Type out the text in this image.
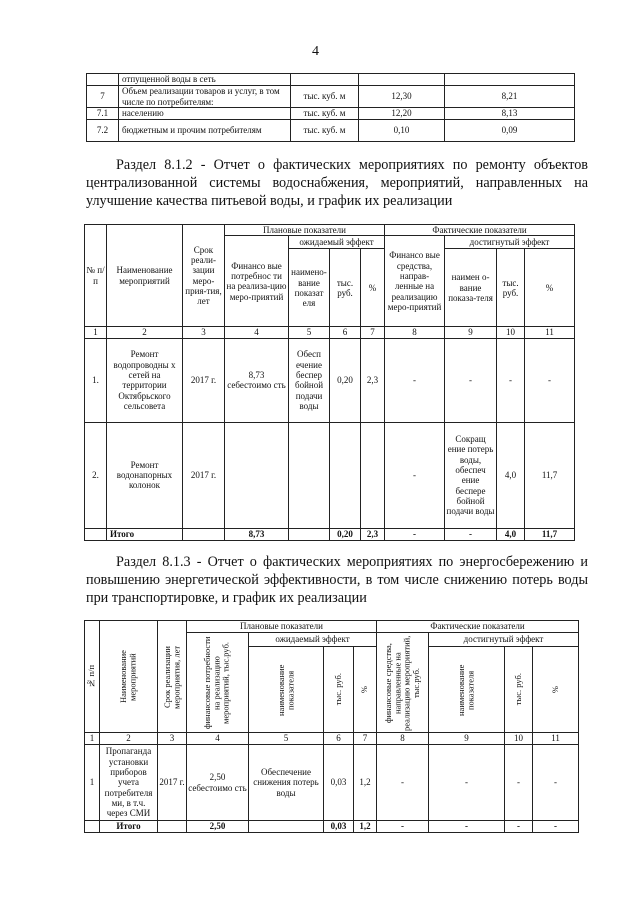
4
	отпущенной воды в сеть			
7	Объем реализации товаров и услуг, в том числе по потребителям:	тыс. куб. м	12,30	8,21
7.1	населению	тыс. куб. м	12,20	8,13
7.2	бюджетным и прочим потребителям	тыс. куб. м	0,10	0,09
Раздел 8.1.2 - Отчет о фактических мероприятиях по ремонту объектов централизованной системы водоснабжения, мероприятий, направленных на улучшение качества питьевой воды, и график их реализации
№ п/ п	Наименование мероприятий	Срок реали-зации меро-прия-тия, лет	Плановые показатели				Фактические показатели			
			Финансо вые потребнос ти на реализа-цию меро-приятий	ожидаемый эффект			Финансо вые средства, направ-ленные на реализацию меро-приятий	достигнутый эффект		
				наимено-вание показат еля	тыс. руб.	%		наимен о-вание показа-теля	тыс. руб.	%
1	2	3	4	5	6	7	8	9	10	11
1.	Ремонт водопроводны х сетей на территории Октябрьского сельсовета	2017 г.	8,73 себестоимо сть	Обесп ечение беспер бойной подачи воды	0,20	2,3	-	-	-	-
2.	Ремонт водонапорных колонок	2017 г.					-	Сокращ ение потерь воды, обеспеч ение беспере бойной подачи воды	4,0	11,7
	Итого		8,73		0,20	2,3	-	-	4,0	11,7
Раздел 8.1.3 - Отчет о фактических мероприятиях по энергосбережению и повышению энергетической эффективности, в том числе снижению потерь воды при транспортировке, и график их реализации
№ п/п	Наименование мероприятий	Срок реализации мероприятия, лет	Плановые показатели				Фактические показатели			

			финансовые потребности на реализацию мероприятий, тыс.руб.	ожидаемый эффект			финансовые средства, направленные на реализацию мероприятий, тыс.руб.	достигнутый эффект		

				наименование показателя	тыс. руб.	%		наименование показателя	тыс. руб.	%

1	2	3	4	5	6	7	8	9	10	11
1	Пропаганда установки приборов учета потребителя ми, в т.ч. через СМИ	2017 г.	2,50 себестоимо сть	Обеспечение снижения потерь воды	0,03	1,2	-	-	-	-
	Итого		2,50		0,03	1,2	-	-	-	-
